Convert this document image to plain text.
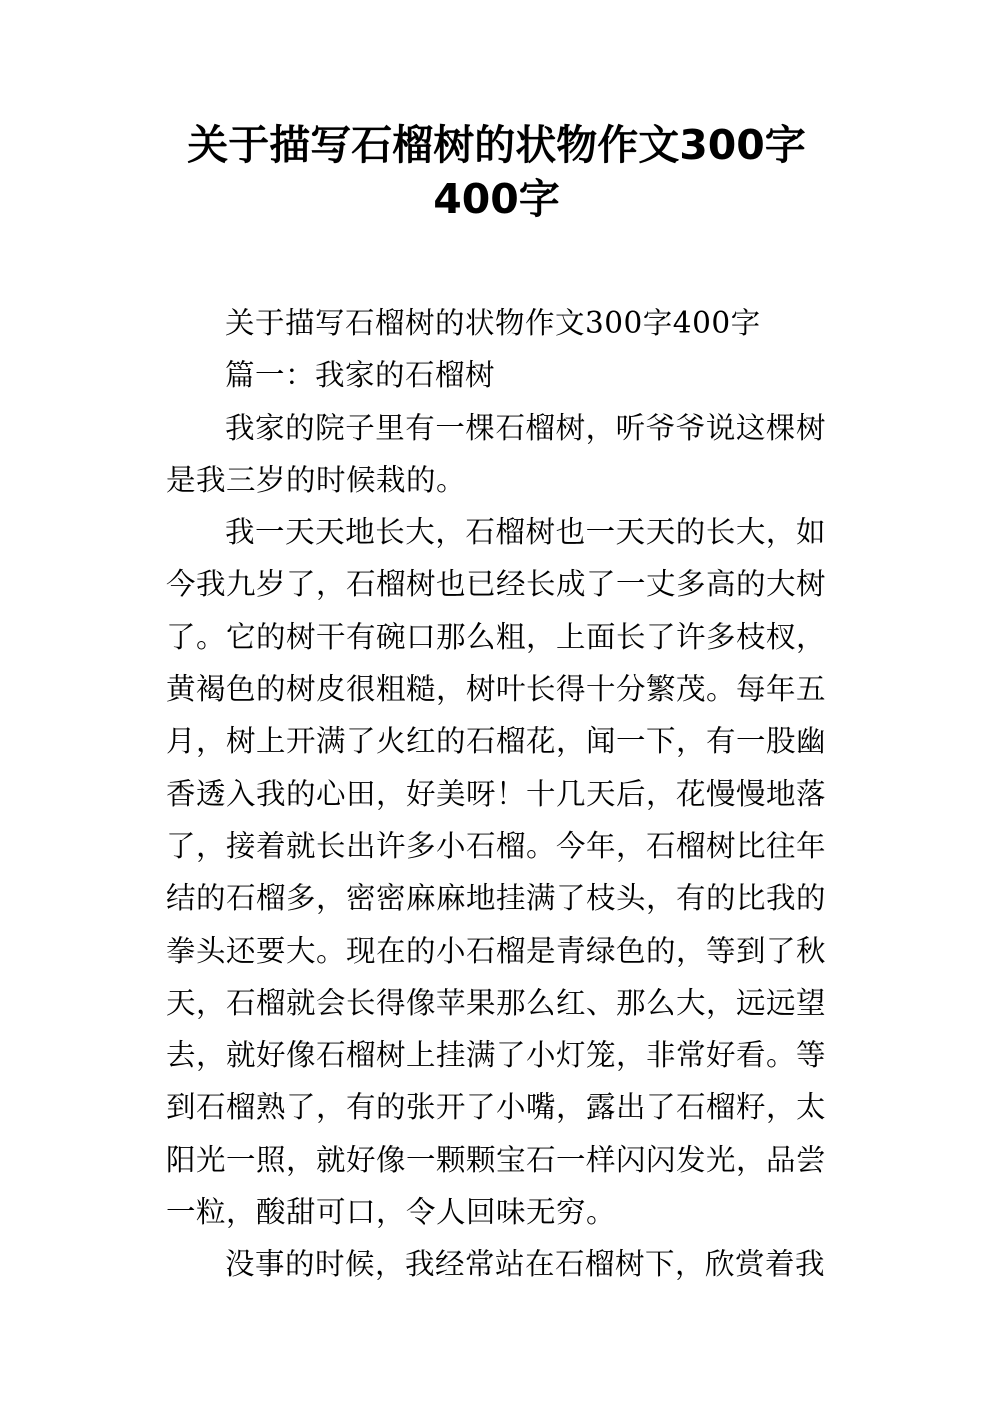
关于描写石榴树的状物作文300字
400字

关于描写石榴树的状物作文300字400字

篇一：我家的石榴树

我家的院子里有一棵石榴树，听爷爷说这棵树是我三岁的时候栽的。

我一天天地长大，石榴树也一天天的长大，如今我九岁了，石榴树也已经长成了一丈多高的大树了。它的树干有碗口那么粗，上面长了许多枝杈，黄褐色的树皮很粗糙，树叶长得十分繁茂。每年五月，树上开满了火红的石榴花，闻一下，有一股幽香透入我的心田，好美呀！十几天后，花慢慢地落了，接着就长出许多小石榴。今年，石榴树比往年结的石榴多，密密麻麻地挂满了枝头，有的比我的拳头还要大。现在的小石榴是青绿色的，等到了秋天，石榴就会长得像苹果那么红、那么大，远远望去，就好像石榴树上挂满了小灯笼，非常好看。等到石榴熟了，有的张开了小嘴，露出了石榴籽，太阳光一照，就好像一颗颗宝石一样闪闪发光，品尝一粒，酸甜可口，令人回味无穷。

没事的时候，我经常站在石榴树下，欣赏着我
